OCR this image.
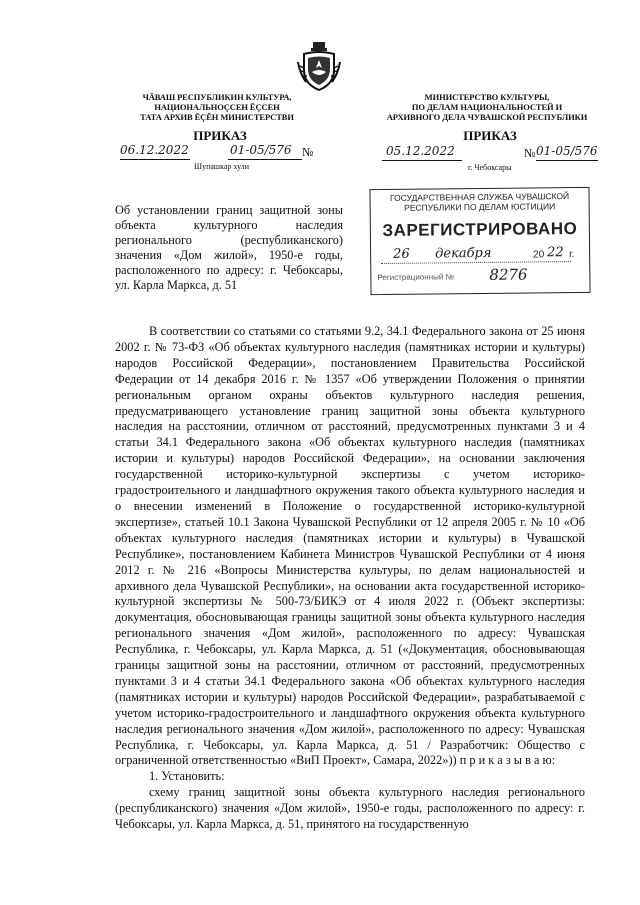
ЧĂВАШ РЕСПУБЛИКИН КУЛЬТУРА,
НАЦИОНАЛЬНОÇСЕН ĔÇСЕН
ТАТА АРХИВ ĔÇĔН МИНИСТЕРСТВИ
МИНИСТЕРСТВО КУЛЬТУРЫ,
ПО ДЕЛАМ НАЦИОНАЛЬНОСТЕЙ И
АРХИВНОГО ДЕЛА ЧУВАШСКОЙ РЕСПУБЛИКИ
ПРИКАЗ	ПРИКАЗ
06.12.2022	01-05/576 №
Шупашкар хули
05.12.2022	№ 01-05/576
г. Чебоксары
Об установлении границ защитной зоны объекта культурного наследия регионального (республиканского) значения «Дом жилой», 1950-е годы, расположенного по адресу: г. Чебоксары, ул. Карла Маркса, д. 51
ГОСУДАРСТВЕННАЯ СЛУЖБА ЧУВАШСКОЙ
РЕСПУБЛИКИ ПО ДЕЛАМ ЮСТИЦИИ
ЗАРЕГИСТРИРОВАНО
26 декабря	20 22 г.
Регистрационный № 8276

В соответствии со статьями со статьями 9.2, 34.1 Федерального закона от 25 июня 2002 г. № 73-ФЗ «Об объектах культурного наследия (памятниках истории и культуры) народов Российской Федерации», постановлением Правительства Российской Федерации от 14 декабря 2016 г. № 1357 «Об утверждении Положения о принятии региональным органом охраны объектов культурного наследия решения, предусматривающего установление границ защитной зоны объекта культурного наследия на расстоянии, отличном от расстояний, предусмотренных пунктами 3 и 4 статьи 34.1 Федерального закона «Об объектах культурного наследия (памятниках истории и культуры) народов Российской Федерации», на основании заключения государственной историко-культурной экспертизы с учетом историко-градостроительного и ландшафтного окружения такого объекта культурного наследия и о внесении изменений в Положение о государственной историко-культурной экспертизе», статьей 10.1 Закона Чувашской Республики от 12 апреля 2005 г. № 10 «Об объектах культурного наследия (памятниках истории и культуры) в Чувашской Республике», постановлением Кабинета Министров Чувашской Республики от 4 июня 2012 г. № 216 «Вопросы Министерства культуры, по делам национальностей и архивного дела Чувашской Республики», на основании акта государственной историко-культурной экспертизы № 500-73/БИКЭ от 4 июля 2022 г. (Объект экспертизы: документация, обосновывающая границы защитной зоны объекта культурного наследия регионального значения «Дом жилой», расположенного по адресу: Чувашская Республика, г. Чебоксары, ул. Карла Маркса, д. 51 («Документация, обосновывающая границы защитной зоны на расстоянии, отличном от расстояний, предусмотренных пунктами 3 и 4 статьи 34.1 Федерального закона «Об объектах культурного наследия (памятниках истории и культуры) народов Российской Федерации», разрабатываемой с учетом историко-градостроительного и ландшафтного окружения объекта культурного наследия регионального значения «Дом жилой», расположенного по адресу: Чувашская Республика, г. Чебоксары, ул. Карла Маркса, д. 51 / Разработчик: Общество с ограниченной ответственностью «ВиП Проект», Самара, 2022»)) п р и к а з ы в а ю:

1. Установить:

схему границ защитной зоны объекта культурного наследия регионального (республиканского) значения «Дом жилой», 1950-е годы, расположенного по адресу: г. Чебоксары, ул. Карла Маркса, д. 51, принятого на государственную
